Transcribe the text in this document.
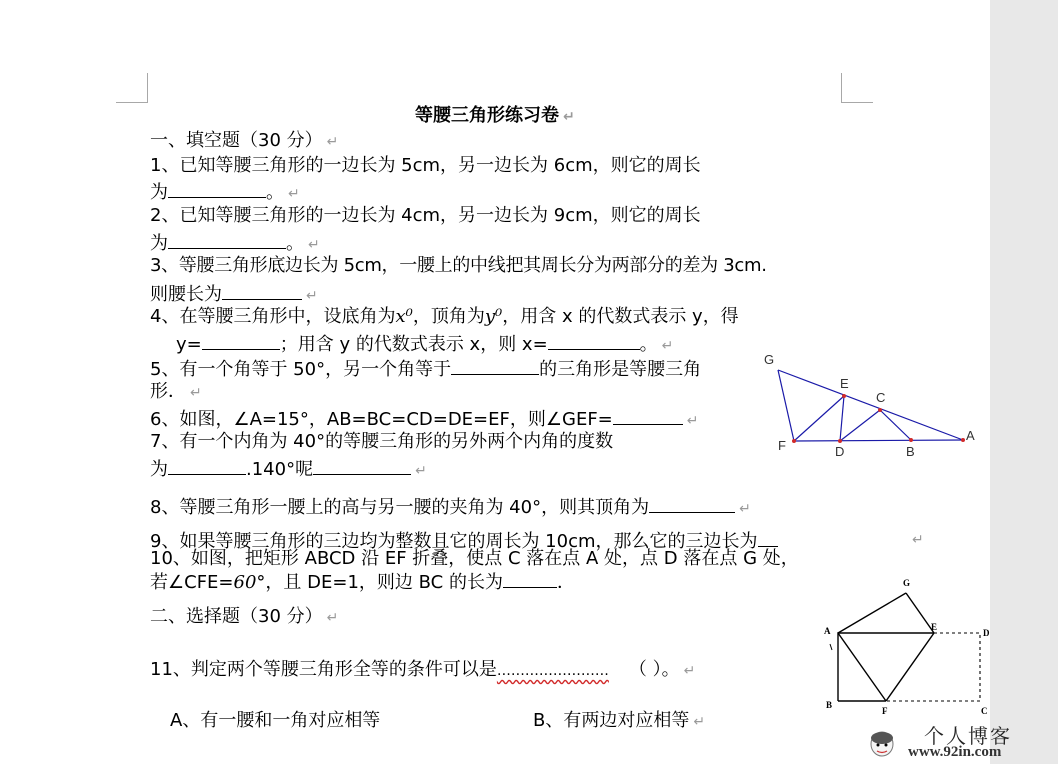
等腰三角形练习卷 ↵
一、填空题（30 分） ↵
1、已知等腰三角形的一边长为 5cm，另一边长为 6cm，则它的周长
为	。 ↵
2、已知等腰三角形的一边长为 4cm，另一边长为 9cm，则它的周长
为	。 ↵
3、等腰三角形底边长为 5cm，一腰上的中线把其周长分为两部分的差为 3cm.
则腰长为	↵
4、在等腰三角形中，设底角为x⁰，顶角为y⁰，用含 x 的代数式表示 y，得
y=	；用含 y 的代数式表示 x，则 x=	。 ↵
5、有一个角等于 50°，另一个角等于	的三角形是等腰三角
形． ↵
6、如图，∠A=15°，AB=BC=CD=DE=EF，则∠GEF=	↵
7、有一个内角为 40°的等腰三角形的另外两个内角的度数
为	.140°呢	↵
8、等腰三角形一腰上的高与另一腰的夹角为 40°，则其顶角为	↵
9、如果等腰三角形的三边均为整数且它的周长为 10cm，那么它的三边长为	↵
10、如图，把矩形 ABCD 沿 EF 折叠，使点 C 落在点 A 处，点 D 落在点 G 处，
若∠CFE=60°，且 DE=1，则边 BC 的长为	．
二、选择题（30 分） ↵
11、判定两个等腰三角形全等的条件可以是…………………… （ ）。 ↵
A、有一腰和一角对应相等	B、有两边对应相等 ↵
G
E
C
F	D	B
A
G
A	E
D
B
F	C
个人博客
www.92in.com
